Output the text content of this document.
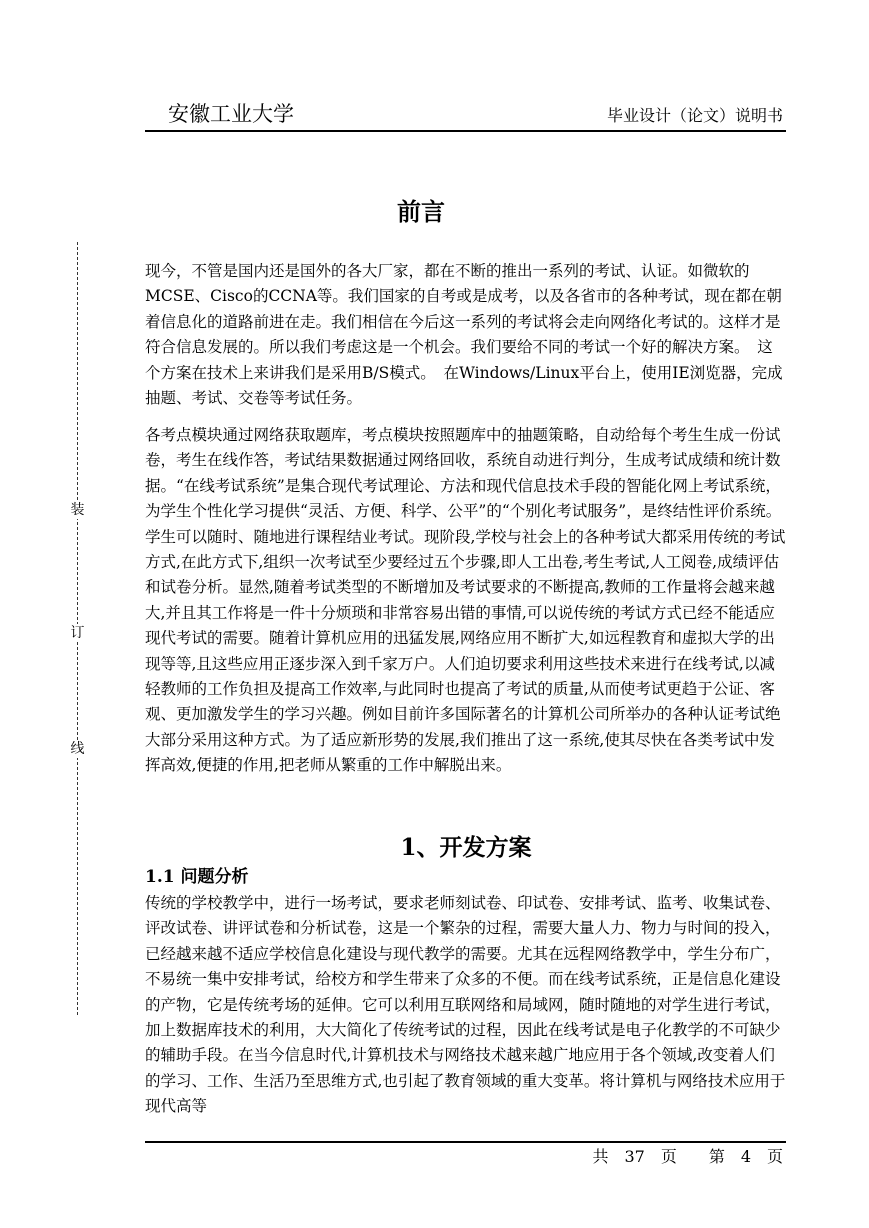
安徽工业大学	毕业设计（论文）说明书
装
订
线
前言

现今，不管是国内还是国外的各大厂家，都在不断的推出一系列的考试、认证。如微软的MCSE、Cisco的CCNA等。我们国家的自考或是成考，以及各省市的各种考试，现在都在朝着信息化的道路前进在走。我们相信在今后这一系列的考试将会走向网络化考试的。这样才是符合信息发展的。所以我们考虑这是一个机会。我们要给不同的考试一个好的解决方案。　这个方案在技术上来讲我们是采用B/S模式。　在Windows/Linux平台上，使用IE浏览器，完成抽题、考试、交卷等考试任务。

各考点模块通过网络获取题库，考点模块按照题库中的抽题策略，自动给每个考生生成一份试卷，考生在线作答，考试结果数据通过网络回收，系统自动进行判分，生成考试成绩和统计数据。“在线考试系统”是集合现代考试理论、方法和现代信息技术手段的智能化网上考试系统，为学生个性化学习提供“灵活、方便、科学、公平”的“个别化考试服务”，是终结性评价系统。学生可以随时、随地进行课程结业考试。现阶段,学校与社会上的各种考试大都采用传统的考试方式,在此方式下,组织一次考试至少要经过五个步骤,即人工出卷,考生考试,人工阅卷,成绩评估和试卷分析。显然,随着考试类型的不断增加及考试要求的不断提高,教师的工作量将会越来越大,并且其工作将是一件十分烦琐和非常容易出错的事情,可以说传统的考试方式已经不能适应现代考试的需要。随着计算机应用的迅猛发展,网络应用不断扩大,如远程教育和虚拟大学的出现等等,且这些应用正逐步深入到千家万户。人们迫切要求利用这些技术来进行在线考试,以减轻教师的工作负担及提高工作效率,与此同时也提高了考试的质量,从而使考试更趋于公证、客观、更加激发学生的学习兴趣。例如目前许多国际著名的计算机公司所举办的各种认证考试绝大部分采用这种方式。为了适应新形势的发展,我们推出了这一系统,使其尽快在各类考试中发挥高效,便捷的作用,把老师从繁重的工作中解脱出来。

1、开发方案
1.1 问题分析

传统的学校教学中，进行一场考试，要求老师刻试卷、印试卷、安排考试、监考、收集试卷、评改试卷、讲评试卷和分析试卷，这是一个繁杂的过程，需要大量人力、物力与时间的投入，已经越来越不适应学校信息化建设与现代教学的需要。尤其在远程网络教学中，学生分布广，不易统一集中安排考试，给校方和学生带来了众多的不便。而在线考试系统，正是信息化建设的产物，它是传统考场的延伸。它可以利用互联网络和局域网，随时随地的对学生进行考试，加上数据库技术的利用，大大简化了传统考试的过程，因此在线考试是电子化教学的不可缺少的辅助手段。在当今信息时代,计算机技术与网络技术越来越广地应用于各个领域,改变着人们的学习、工作、生活乃至思维方式,也引起了教育领域的重大变革。将计算机与网络技术应用于现代高等

共　37　页　　第　4　页
